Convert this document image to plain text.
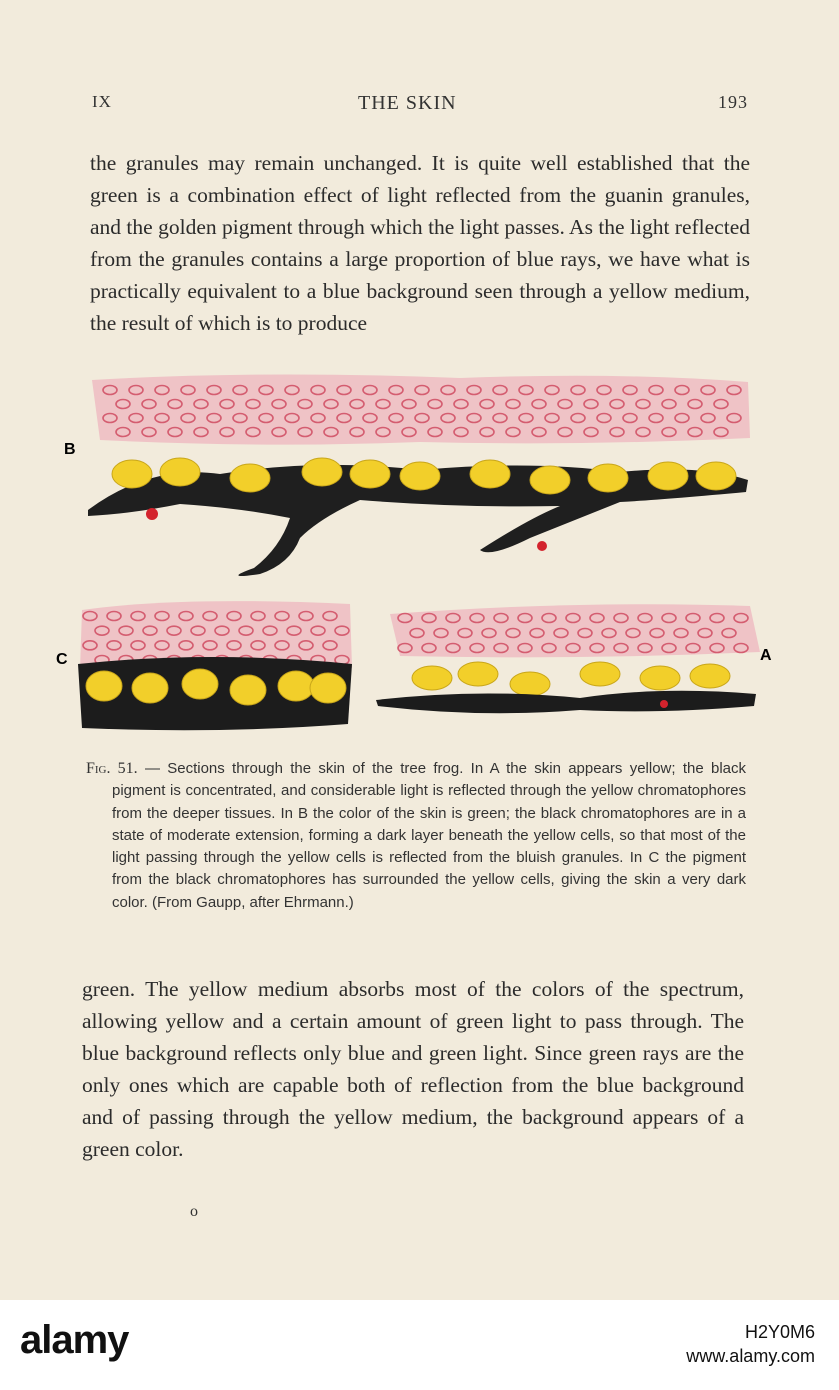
IX	THE SKIN	193
the granules may remain unchanged. It is quite well established that the green is a combination effect of light reflected from the guanin granules, and the golden pigment through which the light passes. As the light reflected from the granules contains a large proportion of blue rays, we have what is practically equivalent to a blue background seen through a yellow medium, the result of which is to produce
B
C	A

Fig. 51. — Sections through the skin of the tree frog. In A the skin appears yellow; the black pigment is concentrated, and considerable light is reflected through the yellow chromatophores from the deeper tissues. In B the color of the skin is green; the black chromatophores are in a state of moderate extension, forming a dark layer beneath the yellow cells, so that most of the light passing through the yellow cells is reflected from the bluish granules. In C the pigment from the black chromatophores has surrounded the yellow cells, giving the skin a very dark color. (From Gaupp, after Ehrmann.)

green. The yellow medium absorbs most of the colors of the spectrum, allowing yellow and a certain amount of green light to pass through. The blue background reflects only blue and green light. Since green rays are the only ones which are capable both of reflection from the blue background and of passing through the yellow medium, the background appears of a green color.
o
alamy	H2Y0M6
www.alamy.com
